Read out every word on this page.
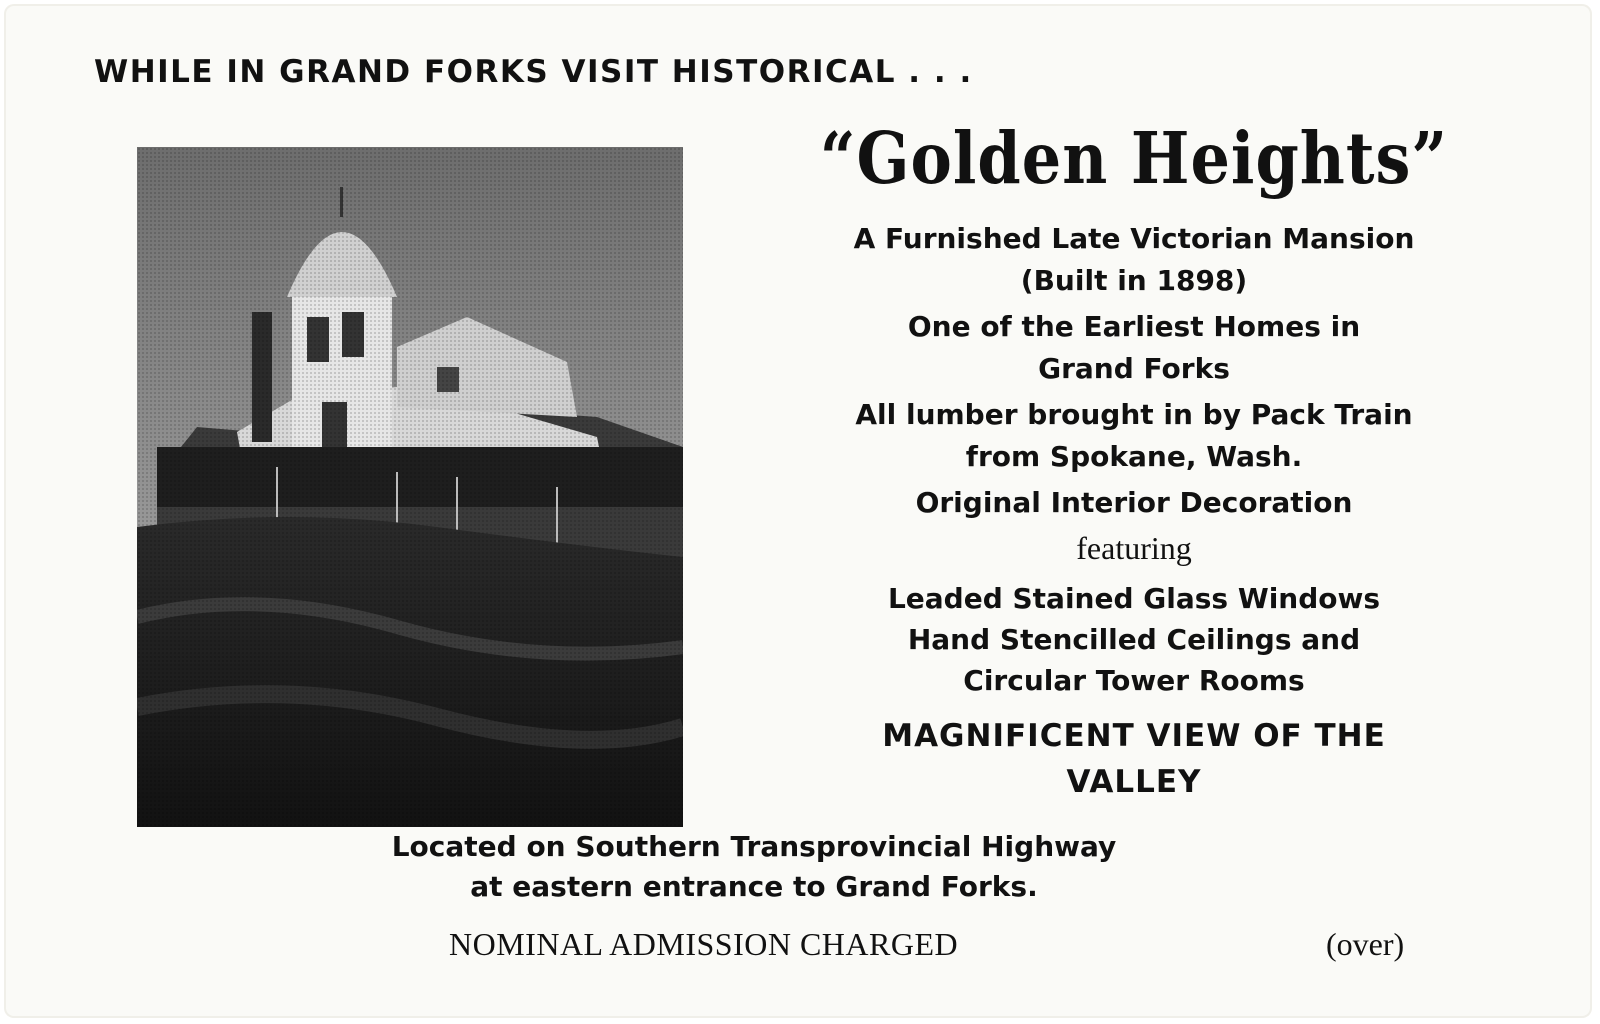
WHILE IN GRAND FORKS VISIT HISTORICAL . . .
“Golden Heights”
A Furnished Late Victorian Mansion
(Built in 1898)
One of the Earliest Homes in
Grand Forks
All lumber brought in by Pack Train
from Spokane, Wash.
Original Interior Decoration
featuring
Leaded Stained Glass Windows
Hand Stencilled Ceilings and
Circular Tower Rooms
MAGNIFICENT VIEW OF THE
VALLEY
Located on Southern Transprovincial Highway
at eastern entrance to Grand Forks.
NOMINAL ADMISSION CHARGED	(over)
